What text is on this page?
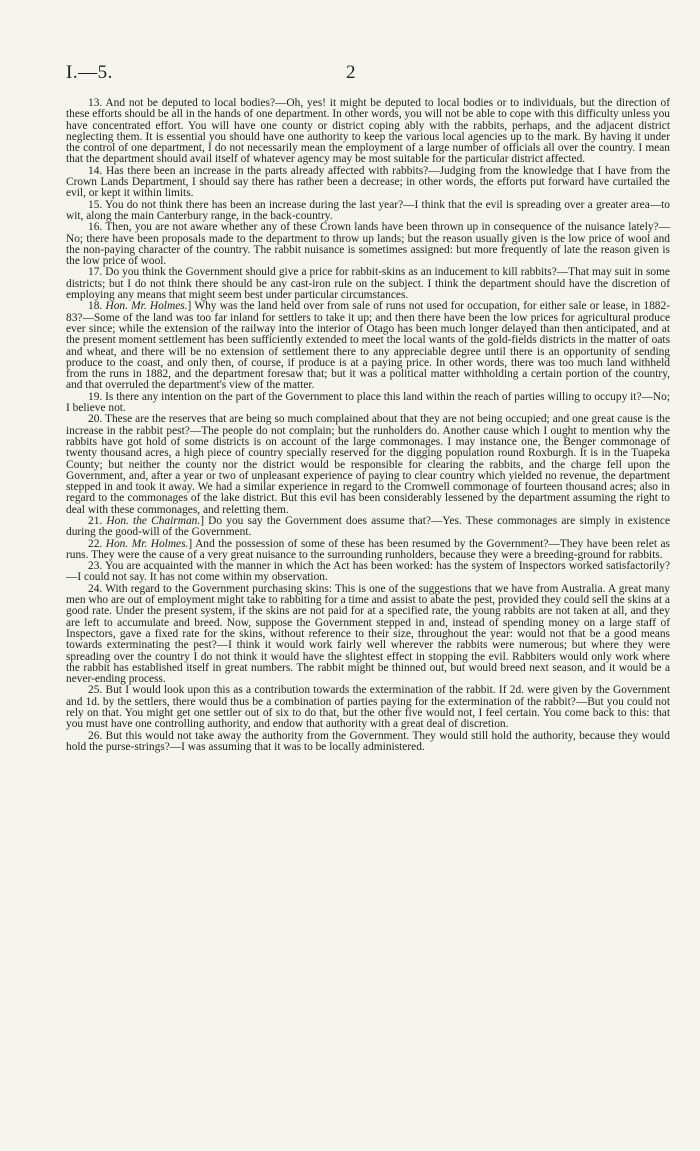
I.—5.	2

13. And not be deputed to local bodies?—Oh, yes! it might be deputed to local bodies or to individuals, but the direction of these efforts should be all in the hands of one department. In other words, you will not be able to cope with this difficulty unless you have concentrated effort. You will have one county or district coping ably with the rabbits, perhaps, and the adjacent district neglecting them. It is essential you should have one authority to keep the various local agencies up to the mark. By having it under the control of one department, I do not necessarily mean the employment of a large number of officials all over the country. I mean that the department should avail itself of whatever agency may be most suitable for the particular district affected.

14. Has there been an increase in the parts already affected with rabbits?—Judging from the knowledge that I have from the Crown Lands Department, I should say there has rather been a decrease; in other words, the efforts put forward have curtailed the evil, or kept it within limits.

15. You do not think there has been an increase during the last year?—I think that the evil is spreading over a greater area—to wit, along the main Canterbury range, in the back-country.

16. Then, you are not aware whether any of these Crown lands have been thrown up in consequence of the nuisance lately?—No; there have been proposals made to the department to throw up lands; but the reason usually given is the low price of wool and the non-paying character of the country. The rabbit nuisance is sometimes assigned: but more frequently of late the reason given is the low price of wool.

17. Do you think the Government should give a price for rabbit-skins as an inducement to kill rabbits?—That may suit in some districts; but I do not think there should be any cast-iron rule on the subject. I think the department should have the discretion of employing any means that might seem best under particular circumstances.

18. Hon. Mr. Holmes.] Why was the land held over from sale of runs not used for occupation, for either sale or lease, in 1882-83?—Some of the land was too far inland for settlers to take it up; and then there have been the low prices for agricultural produce ever since; while the extension of the railway into the interior of Otago has been much longer delayed than then anticipated, and at the present moment settlement has been sufficiently extended to meet the local wants of the gold-fields districts in the matter of oats and wheat, and there will be no extension of settlement there to any appreciable degree until there is an opportunity of sending produce to the coast, and only then, of course, if produce is at a paying price. In other words, there was too much land withheld from the runs in 1882, and the department foresaw that; but it was a political matter withholding a certain portion of the country, and that overruled the department's view of the matter.

19. Is there any intention on the part of the Government to place this land within the reach of parties willing to occupy it?—No; I believe not.

20. These are the reserves that are being so much complained about that they are not being occupied; and one great cause is the increase in the rabbit pest?—The people do not complain; but the runholders do. Another cause which I ought to mention why the rabbits have got hold of some districts is on account of the large commonages. I may instance one, the Benger commonage of twenty thousand acres, a high piece of country specially reserved for the digging population round Roxburgh. It is in the Tuapeka County; but neither the county nor the district would be responsible for clearing the rabbits, and the charge fell upon the Government, and, after a year or two of unpleasant experience of paying to clear country which yielded no revenue, the department stepped in and took it away. We had a similar experience in regard to the Cromwell commonage of fourteen thousand acres; also in regard to the commonages of the lake district. But this evil has been considerably lessened by the department assuming the right to deal with these commonages, and reletting them.

21. Hon. the Chairman.] Do you say the Government does assume that?—Yes. These commonages are simply in existence during the good-will of the Government.

22. Hon. Mr. Holmes.] And the possession of some of these has been resumed by the Government?—They have been relet as runs. They were the cause of a very great nuisance to the surrounding runholders, because they were a breeding-ground for rabbits.

23. You are acquainted with the manner in which the Act has been worked: has the system of Inspectors worked satisfactorily?—I could not say. It has not come within my observation.

24. With regard to the Government purchasing skins: This is one of the suggestions that we have from Australia. A great many men who are out of employment might take to rabbiting for a time and assist to abate the pest, provided they could sell the skins at a good rate. Under the present system, if the skins are not paid for at a specified rate, the young rabbits are not taken at all, and they are left to accumulate and breed. Now, suppose the Government stepped in and, instead of spending money on a large staff of Inspectors, gave a fixed rate for the skins, without reference to their size, throughout the year: would not that be a good means towards exterminating the pest?—I think it would work fairly well wherever the rabbits were numerous; but where they were spreading over the country I do not think it would have the slightest effect in stopping the evil. Rabbiters would only work where the rabbit has established itself in great numbers. The rabbit might be thinned out, but would breed next season, and it would be a never-ending process.

25. But I would look upon this as a contribution towards the extermination of the rabbit. If 2d. were given by the Government and 1d. by the settlers, there would thus be a combination of parties paying for the extermination of the rabbit?—But you could not rely on that. You might get one settler out of six to do that, but the other five would not, I feel certain. You come back to this: that you must have one controlling authority, and endow that authority with a great deal of discretion.

26. But this would not take away the authority from the Government. They would still hold the authority, because they would hold the purse-strings?—I was assuming that it was to be locally administered.
